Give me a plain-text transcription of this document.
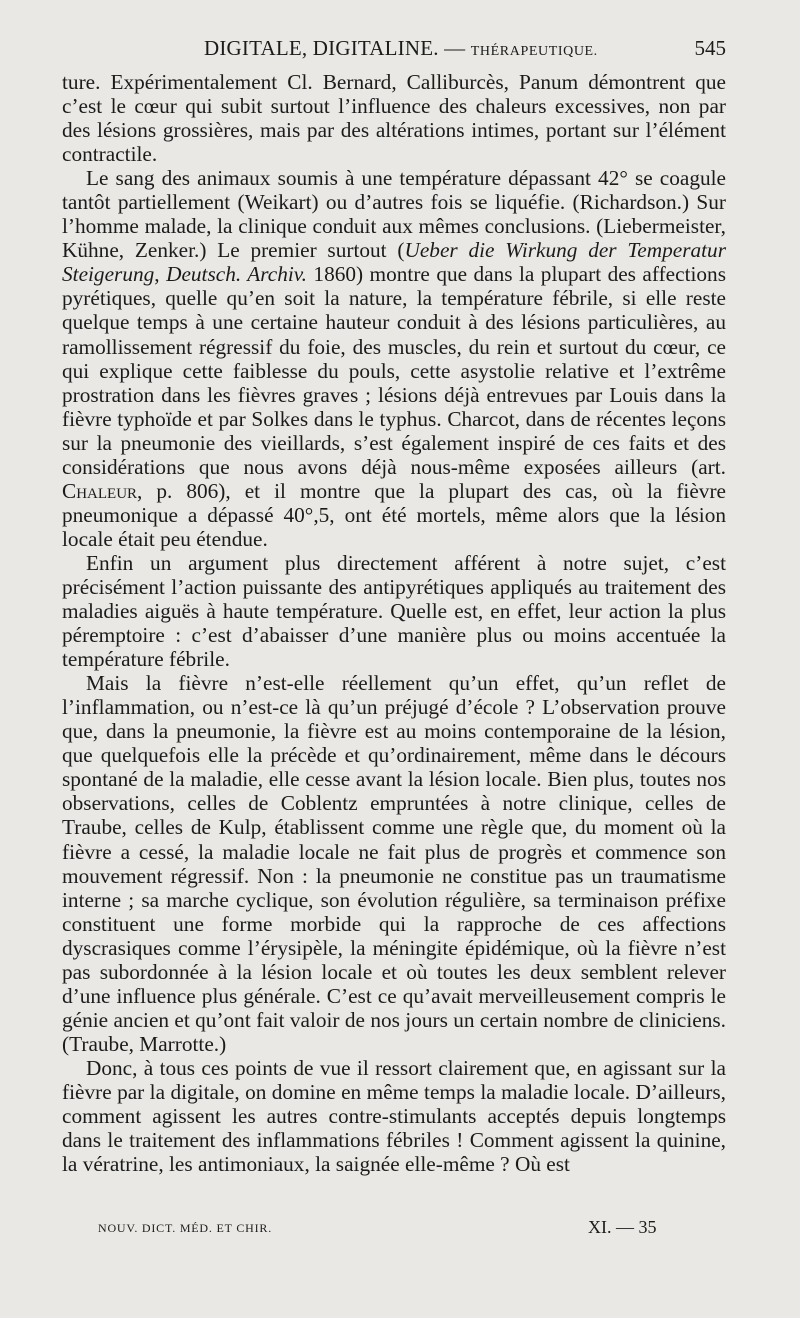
DIGITALE, DIGITALINE. — THÉRAPEUTIQUE.	545

ture. Expérimentalement Cl. Bernard, Calliburcès, Panum démontrent que c’est le cœur qui subit surtout l’influence des chaleurs excessives, non par des lésions grossières, mais par des altérations intimes, portant sur l’élément contractile.

Le sang des animaux soumis à une température dépassant 42° se coagule tantôt partiellement (Weikart) ou d’autres fois se liquéfie. (Richardson.) Sur l’homme malade, la clinique conduit aux mêmes conclusions. (Liebermeister, Kühne, Zenker.) Le premier surtout (Ueber die Wirkung der Temperatur Steigerung, Deutsch. Archiv. 1860) montre que dans la plupart des affections pyrétiques, quelle qu’en soit la nature, la température fébrile, si elle reste quelque temps à une certaine hauteur conduit à des lésions particulières, au ramollissement régressif du foie, des muscles, du rein et surtout du cœur, ce qui explique cette faiblesse du pouls, cette asystolie relative et l’extrême prostration dans les fièvres graves ; lésions déjà entrevues par Louis dans la fièvre typhoïde et par Solkes dans le typhus. Charcot, dans de récentes leçons sur la pneumonie des vieillards, s’est également inspiré de ces faits et des considérations que nous avons déjà nous-même exposées ailleurs (art. Chaleur, p. 806), et il montre que la plupart des cas, où la fièvre pneumonique a dépassé 40°,5, ont été mortels, même alors que la lésion locale était peu étendue.

Enfin un argument plus directement afférent à notre sujet, c’est précisément l’action puissante des antipyrétiques appliqués au traitement des maladies aiguës à haute température. Quelle est, en effet, leur action la plus péremptoire : c’est d’abaisser d’une manière plus ou moins accentuée la température fébrile.

Mais la fièvre n’est-elle réellement qu’un effet, qu’un reflet de l’inflammation, ou n’est-ce là qu’un préjugé d’école ? L’observation prouve que, dans la pneumonie, la fièvre est au moins contemporaine de la lésion, que quelquefois elle la précède et qu’ordinairement, même dans le décours spontané de la maladie, elle cesse avant la lésion locale. Bien plus, toutes nos observations, celles de Coblentz empruntées à notre clinique, celles de Traube, celles de Kulp, établissent comme une règle que, du moment où la fièvre a cessé, la maladie locale ne fait plus de progrès et commence son mouvement régressif. Non : la pneumonie ne constitue pas un traumatisme interne ; sa marche cyclique, son évolution régulière, sa terminaison préfixe constituent une forme morbide qui la rapproche de ces affections dyscrasiques comme l’érysipèle, la méningite épidémique, où la fièvre n’est pas subordonnée à la lésion locale et où toutes les deux semblent relever d’une influence plus générale. C’est ce qu’avait merveilleusement compris le génie ancien et qu’ont fait valoir de nos jours un certain nombre de cliniciens. (Traube, Marrotte.)

Donc, à tous ces points de vue il ressort clairement que, en agissant sur la fièvre par la digitale, on domine en même temps la maladie locale. D’ailleurs, comment agissent les autres contre-stimulants acceptés depuis longtemps dans le traitement des inflammations fébriles ! Comment agissent la quinine, la vératrine, les antimoniaux, la saignée elle-même ? Où est

NOUV. DICT. MÉD. ET CHIR.	XI. — 35
